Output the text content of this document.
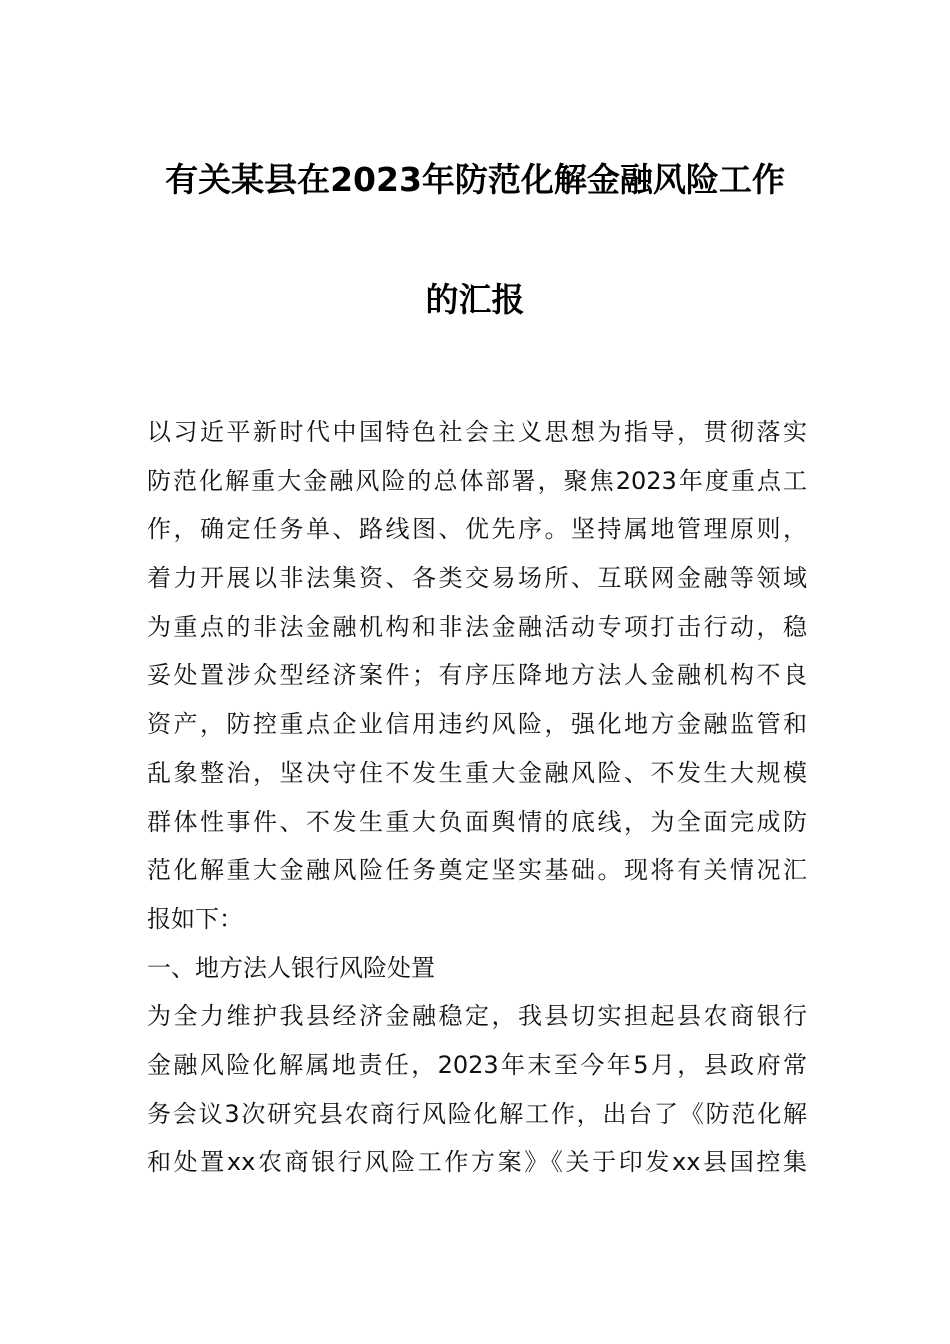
有关某县在2023年防范化解金融风险工作
的汇报
以习近平新时代中国特色社会主义思想为指导，贯彻落实
防范化解重大金融风险的总体部署，聚焦2023年度重点工
作，确定任务单、路线图、优先序。坚持属地管理原则，
着力开展以非法集资、各类交易场所、互联网金融等领域
为重点的非法金融机构和非法金融活动专项打击行动，稳
妥处置涉众型经济案件；有序压降地方法人金融机构不良
资产，防控重点企业信用违约风险，强化地方金融监管和
乱象整治，坚决守住不发生重大金融风险、不发生大规模
群体性事件、不发生重大负面舆情的底线，为全面完成防
范化解重大金融风险任务奠定坚实基础。现将有关情况汇
报如下：
一、地方法人银行风险处置
为全力维护我县经济金融稳定，我县切实担起县农商银行
金融风险化解属地责任，2023年末至今年5月，县政府常
务会议3次研究县农商行风险化解工作，出台了《防范化解
和处置xx农商银行风险工作方案》《关于印发xx县国控集
